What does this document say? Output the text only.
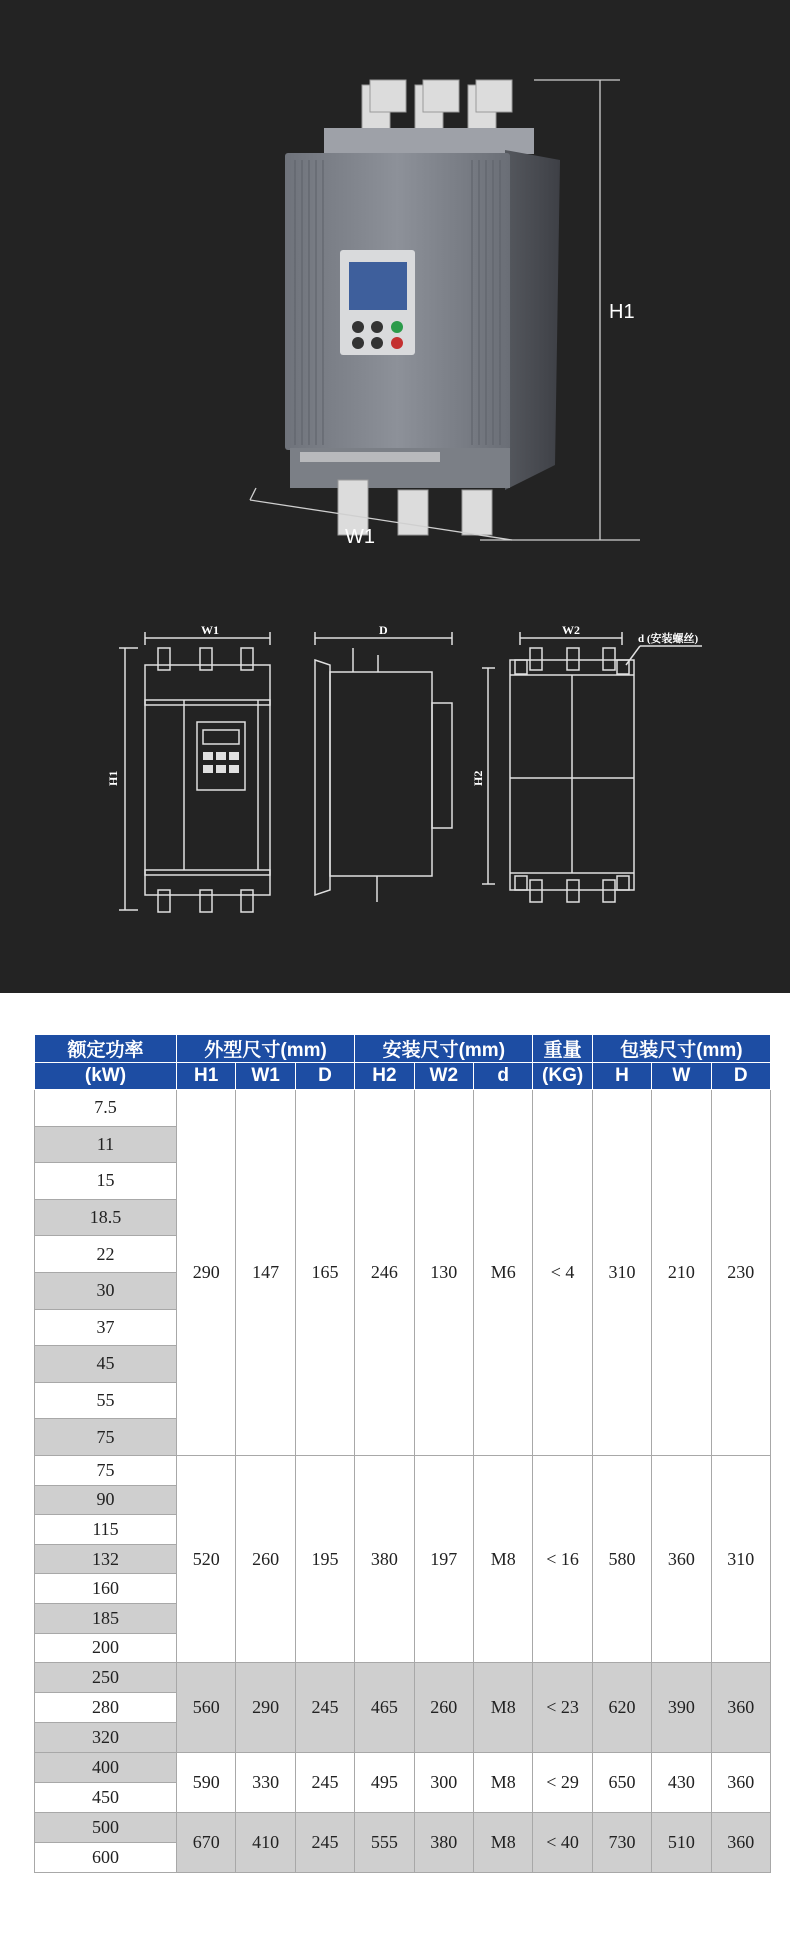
H1
W1
W1
H1
D	W2
H2
d (安装螺丝)
额定功率	外型尺寸(mm)			安装尺寸(mm)			重量	包装尺寸(mm)		
(kW)	H1	W1	D	H2	W2	d	(KG)	H	W	D
7.5	290	147	165	246	130	M6	< 4	310	210	230
11										
15										
18.5										
22										
30										
37										
45										
55										
75										
75	520	260	195	380	197	M8	< 16	580	360	310
90										
115										
132										
160										
185										
200										
250	560	290	245	465	260	M8	< 23	620	390	360
280										
320										
400	590	330	245	495	300	M8	< 29	650	430	360
450										
500	670	410	245	555	380	M8	< 40	730	510	360
600										
